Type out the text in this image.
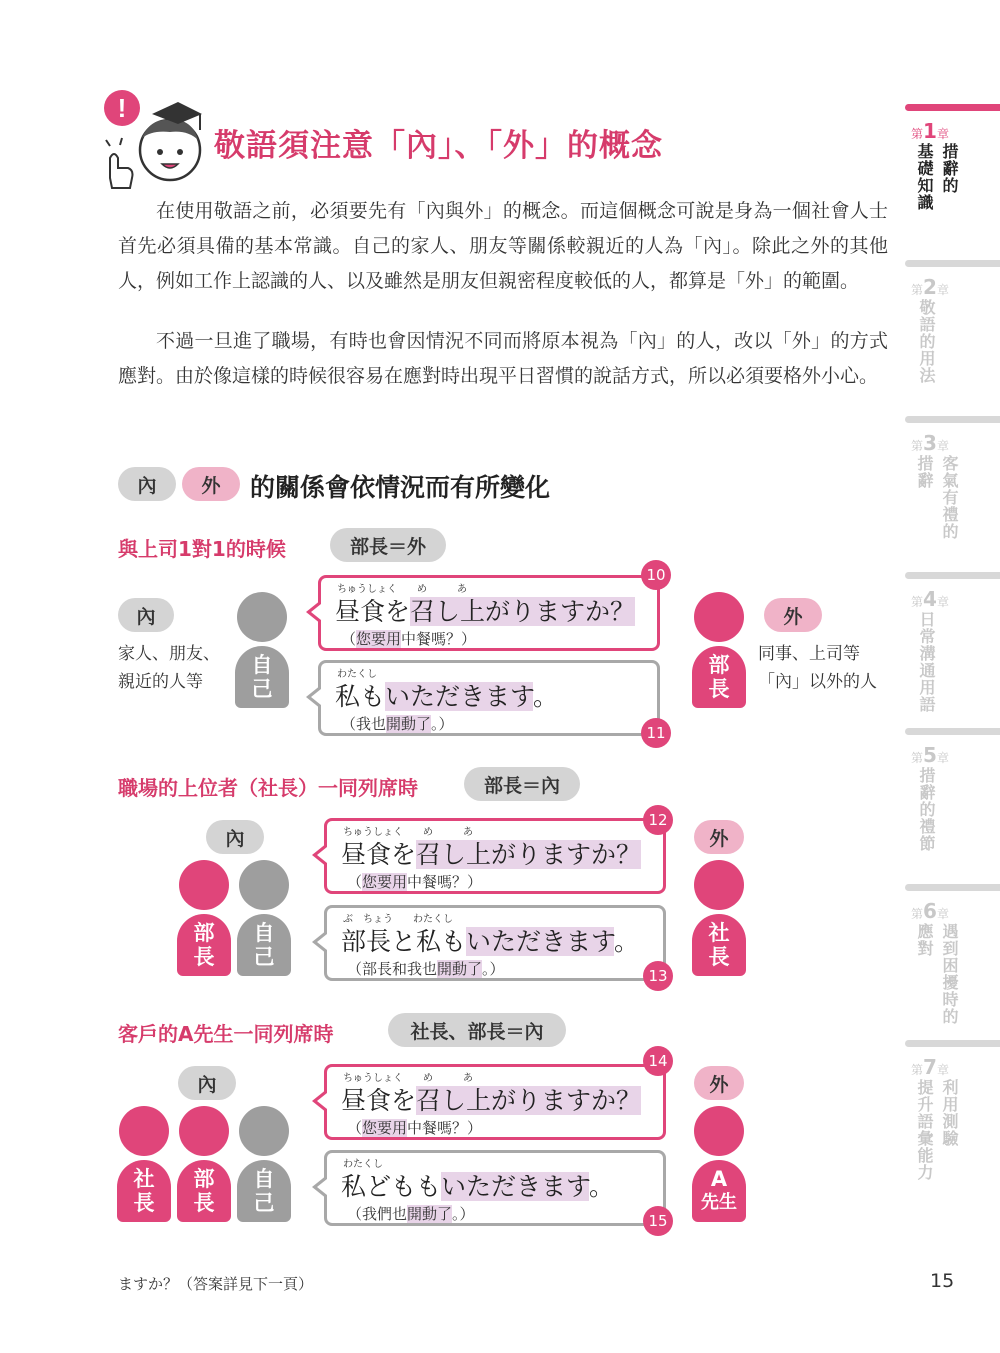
!
敬語須注意「內」、「外」的概念
在使用敬語之前，必須要先有「內與外」的概念。而這個概念可說是身為一個社會人士首先必須具備的基本常識。自己的家人、朋友等關係較親近的人為「內」。除此之外的其他人，例如工作上認識的人、以及雖然是朋友但親密程度較低的人，都算是「外」的範圍。
不過一旦進了職場，有時也會因情況不同而將原本視為「內」的人，改以「外」的方式應對。由於像這樣的時候很容易在應對時出現平日習慣的說話方式，所以必須要格外小心。
內	外	的關係會依情況而有所變化
與上司1對1的時候	部長＝外
內
家人、朋友、
親近的人等
自
己
ちゅうしょく　　め　　　あ
昼食を召し上がりますか？
（您要用中餐嗎？）
10
わたくし
私もいただきます。
（我也開動了。）	11
部
長
外
同事、上司等
「內」以外的人
職場的上位者（社長）一同列席時	部長＝內
內
部
長
自
己
ちゅうしょく　　め　　　あ
昼食を召し上がりますか？
（您要用中餐嗎？）
12
ぶ　ちょう　　わたくし
部長と私もいただきます。
（部長和我也開動了。）	13
外
社
長
客戶的A先生一同列席時	社長、部長＝內
內
社
長
部
長
自
己
ちゅうしょく　　め　　　あ
昼食を召し上がりますか？
（您要用中餐嗎？）
14
わたくし
私どももいただきます。
（我們也開動了。）	15
外
A
先生
第1章
措辭的
基礎知識
第2章
敬語的用法
第3章
客氣有禮的
措辭
第4章
日常溝通用語
第5章
措辭的禮節
第6章
遇到困擾時的
應對
第7章
利用測驗
提升語彙能力
ますか？（答案詳見下一頁）	15
